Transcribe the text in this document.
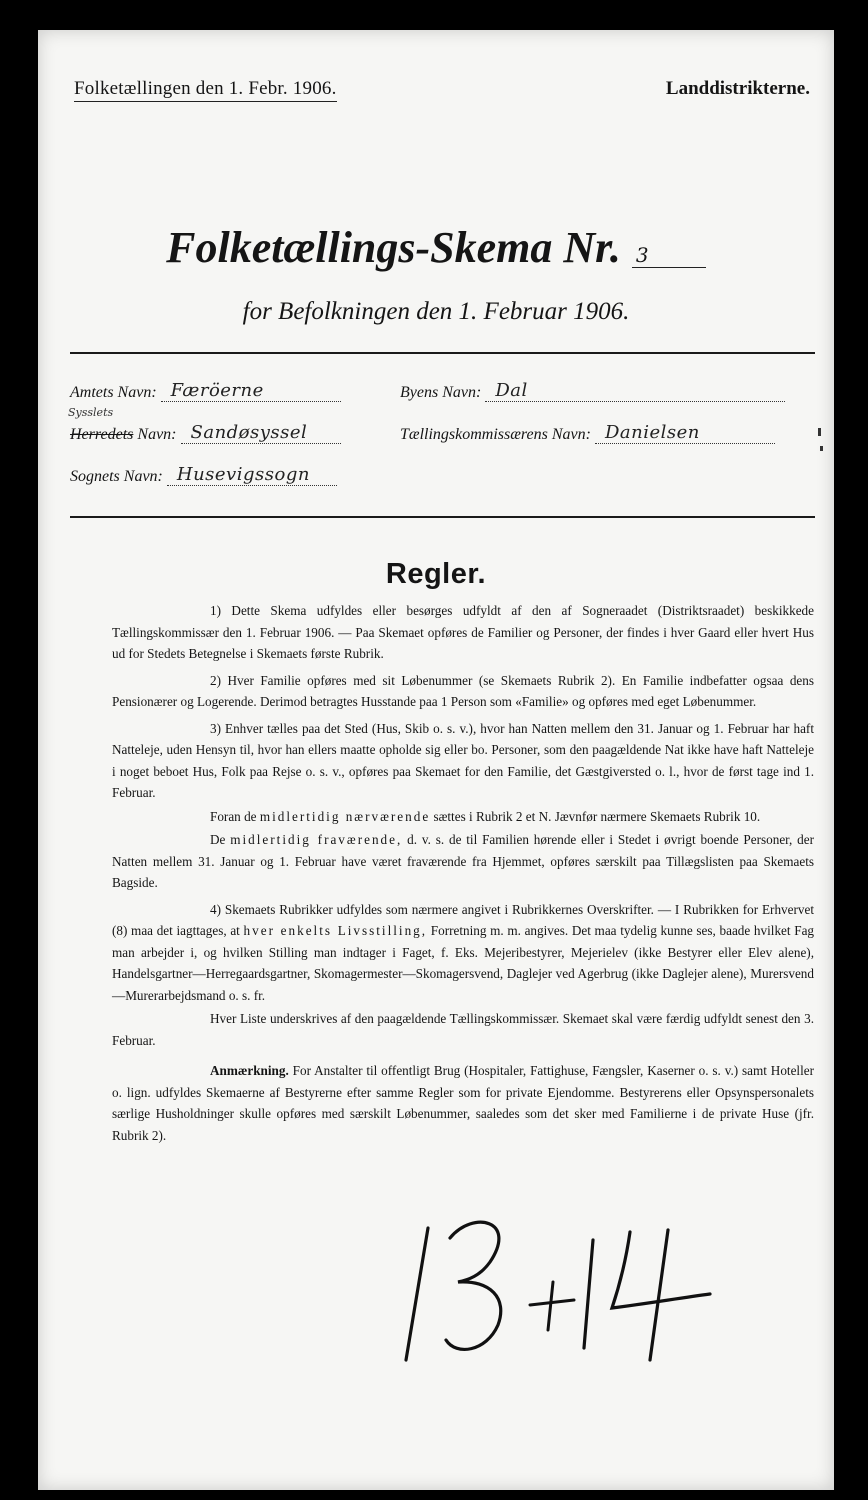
Folketællingen den 1. Febr. 1906.	Landdistrikterne.
Folketællings-Skema Nr. 3
for Befolkningen den 1. Februar 1906.
Amtets Navn: Færöerne	Byens Navn: Dal
Sysslets
Herredets Navn: Sandøsyssel	Tællingskommissærens Navn: Danielsen
Sognets Navn: Husevigssogn
Regler.

1) Dette Skema udfyldes eller besørges udfyldt af den af Sogneraadet (Distriktsraadet) beskikkede Tællingskommissær den 1. Februar 1906. — Paa Skemaet opføres de Familier og Personer, der findes i hver Gaard eller hvert Hus ud for Stedets Betegnelse i Skemaets første Rubrik.

2) Hver Familie opføres med sit Løbenummer (se Skemaets Rubrik 2). En Familie indbefatter ogsaa dens Pensionærer og Logerende. Derimod betragtes Husstande paa 1 Person som «Familie» og opføres med eget Løbenummer.

3) Enhver tælles paa det Sted (Hus, Skib o. s. v.), hvor han Natten mellem den 31. Januar og 1. Februar har haft Natteleje, uden Hensyn til, hvor han ellers maatte opholde sig eller bo. Personer, som den paagældende Nat ikke have haft Natteleje i noget beboet Hus, Folk paa Rejse o. s. v., opføres paa Skemaet for den Familie, det Gæstgiversted o. l., hvor de først tage ind 1. Februar.

Foran de midlertidig nærværende sættes i Rubrik 2 et N. Jævnfør nærmere Skemaets Rubrik 10.

De midlertidig fraværende, d. v. s. de til Familien hørende eller i Stedet i øvrigt boende Personer, der Natten mellem 31. Januar og 1. Februar have været fraværende fra Hjemmet, opføres særskilt paa Tillægslisten paa Skemaets Bagside.

4) Skemaets Rubrikker udfyldes som nærmere angivet i Rubrikkernes Overskrifter. — I Rubrikken for Erhvervet (8) maa det iagttages, at hver enkelts Livsstilling, Forretning m. m. angives. Det maa tydelig kunne ses, baade hvilket Fag man arbejder i, og hvilken Stilling man indtager i Faget, f. Eks. Mejeribestyrer, Mejerielev (ikke Bestyrer eller Elev alene), Handelsgartner—Herregaardsgartner, Skomagermester—Skomagersvend, Daglejer ved Agerbrug (ikke Daglejer alene), Murersvend—Murerarbejdsmand o. s. fr.

Hver Liste underskrives af den paagældende Tællingskommissær. Skemaet skal være færdig udfyldt senest den 3. Februar.

Anmærkning. For Anstalter til offentligt Brug (Hospitaler, Fattighuse, Fængsler, Kaserner o. s. v.) samt Hoteller o. lign. udfyldes Skemaerne af Bestyrerne efter samme Regler som for private Ejendomme. Bestyrerens eller Opsynspersonalets særlige Husholdninger skulle opføres med særskilt Løbenummer, saaledes som det sker med Familierne i de private Huse (jfr. Rubrik 2).
